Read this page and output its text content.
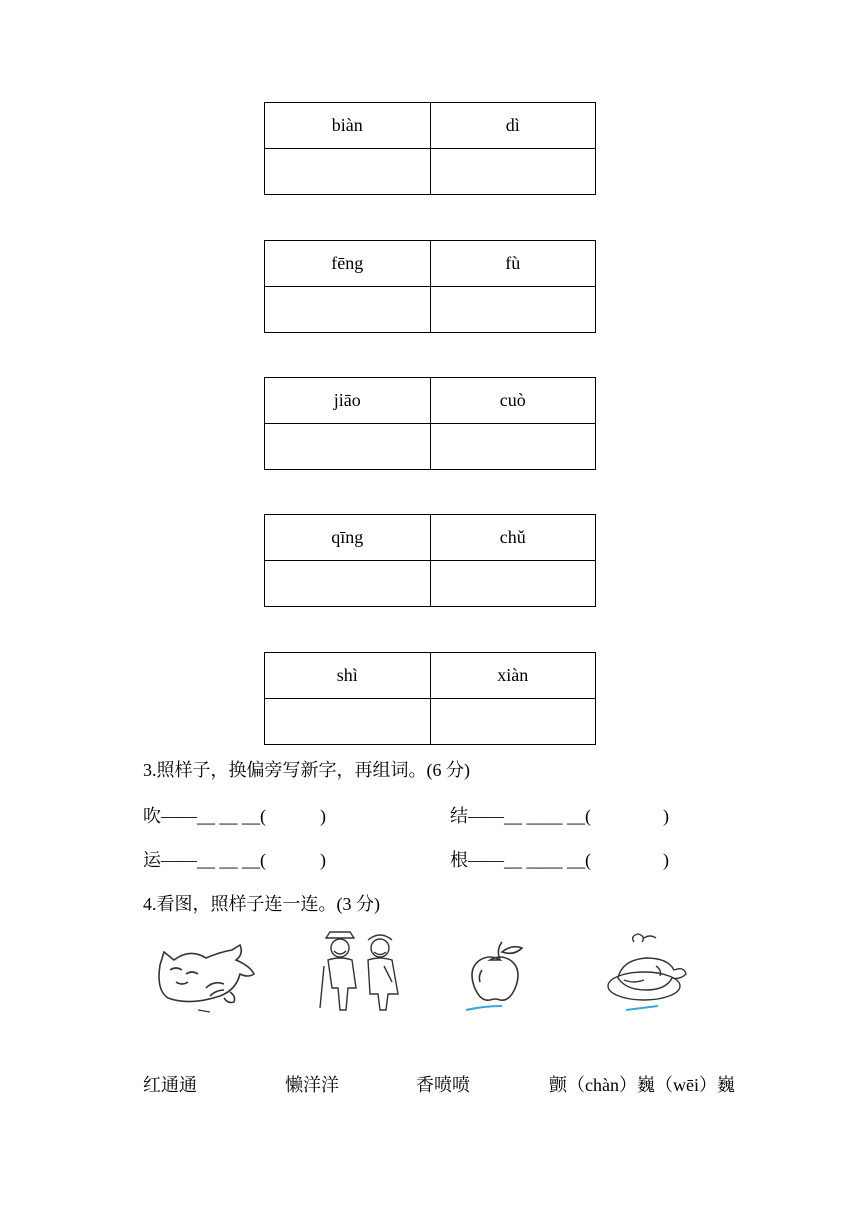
biàn	dì

fēng	fù

jiāo	cuò

qīng	chǔ

shì	xiàn

3.照样子，换偏旁写新字，再组词。(6 分)
吹——__ __ __(　　　)	结——__ ____ __(　　　　)
运——__ __ __(　　　)	根——__ ____ __(　　　　)
4.看图，照样子连一连。(3 分)
红通通	懒洋洋	香喷喷	颤（chàn）巍（wēi）巍
